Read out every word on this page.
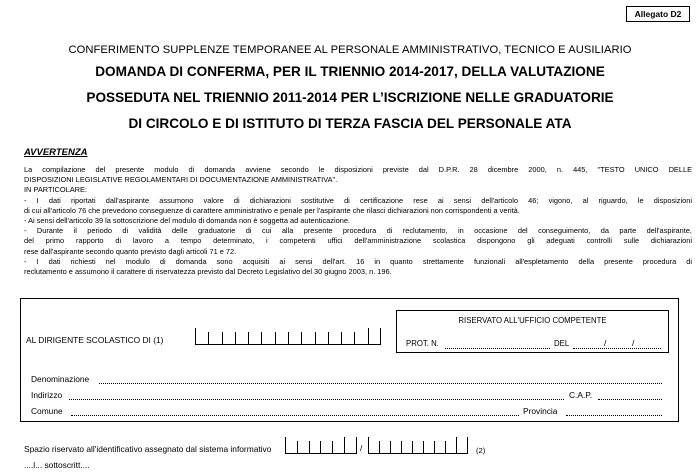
Allegato D2
CONFERIMENTO SUPPLENZE TEMPORANEE AL PERSONALE AMMINISTRATIVO, TECNICO E AUSILIARIO
DOMANDA DI CONFERMA, PER IL TRIENNIO 2014-2017, DELLA VALUTAZIONE
POSSEDUTA NEL TRIENNIO 2011-2014 PER L’ISCRIZIONE NELLE GRADUATORIE
DI CIRCOLO E DI ISTITUTO DI TERZA FASCIA DEL PERSONALE ATA
AVVERTENZA
La compilazione del presente modulo di domanda avviene secondo le disposizioni previste dal D.P.R. 28 dicembre 2000, n. 445, "TESTO UNICO DELLE
DISPOSIZIONI LEGISLATIVE REGOLAMENTARI DI DOCUMENTAZIONE AMMINISTRATIVA".
IN PARTICOLARE:
- I dati riportati dall'aspirante assumono valore di dichiarazioni sostitutive di certificazione rese ai sensi dell'articolo 46; vigono, al riguardo, le disposizioni
di cui all'articolo 76 che prevedono conseguenze di carattere amministrativo e penale per l'aspirante che rilasci dichiarazioni non corrispondenti a verità.
- Ai sensi dell'articolo 39 la sottoscrizione del modulo di domanda non è soggetta ad autenticazione.
- Durante il periodo di validità delle graduatorie di cui alla presente procedura di reclutamento, in occasione del conseguimento, da parte dell'aspirante,
del primo rapporto di lavoro a tempo determinato, i competenti uffici dell'amministrazione scolastica dispongono gli adeguati controlli sulle dichiarazioni
rese dall'aspirante secondo quanto previsto dagli articoli 71 e 72.
- I dati richiesti nel modulo di domanda sono acquisiti ai sensi dell'art. 16 in quanto strettamente funzionali all'espletamento della presente procedura di
reclutamento e assumono il carattere di riservatezza previsto dal Decreto Legislativo del 30 giugno 2003, n. 196.
AL DIRIGENTE SCOLASTICO DI (1)
RISERVATO ALL'UFFICIO COMPETENTE
PROT. N.	DEL	/	/
Denominazione
Indirizzo	C.A.P.
Comune	Provincia
Spazio riservato all'identificativo assegnato dal sistema informativo	/	(2)
....l... sottoscritt....
